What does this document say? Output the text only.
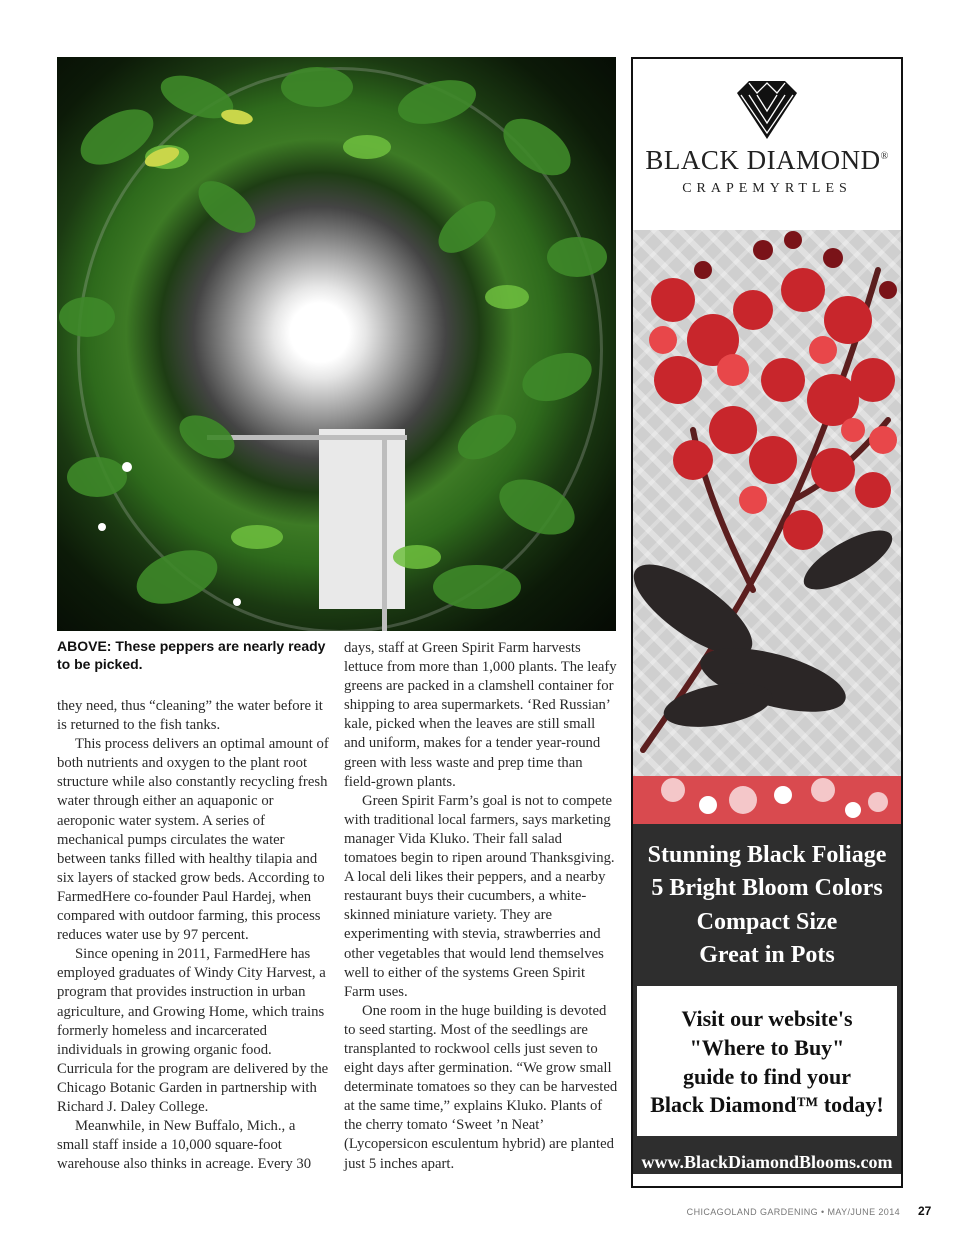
ABOVE: These peppers are nearly ready to be picked.

they need, thus “cleaning” the water before it is returned to the fish tanks.

This process delivers an optimal amount of both nutrients and oxygen to the plant root structure while also constantly recycling fresh water through either an aquaponic or aeroponic water system. A series of mechanical pumps circulates the water between tanks filled with healthy tilapia and six layers of stacked grow beds. According to FarmedHere co-founder Paul Hardej, when compared with outdoor farming, this process reduces water use by 97 percent.

Since opening in 2011, FarmedHere has employed graduates of Windy City Harvest, a program that provides instruction in urban agriculture, and Growing Home, which trains formerly homeless and incarcerated individuals in growing organic food. Curricula for the program are delivered by the Chicago Botanic Garden in partnership with Richard J. Daley College.

Meanwhile, in New Buffalo, Mich., a small staff inside a 10,000 square-foot warehouse also thinks in acreage. Every 30

days, staff at Green Spirit Farm harvests lettuce from more than 1,000 plants. The leafy greens are packed in a clamshell container for shipping to area supermarkets. ‘Red Russian’ kale, picked when the leaves are still small and uniform, makes for a tender year-round green with less waste and prep time than field-grown plants.

Green Spirit Farm’s goal is not to compete with traditional local farmers, says marketing manager Vida Kluko. Their fall salad tomatoes begin to ripen around Thanksgiving. A local deli likes their peppers, and a nearby restaurant buys their cucumbers, a white-skinned miniature variety. They are experimenting with stevia, strawberries and other vegetables that would lend themselves well to either of the systems Green Spirit Farm uses.

One room in the huge building is devoted to seed starting. Most of the seedlings are transplanted to rockwool cells just seven to eight days after germination. “We grow small determinate tomatoes so they can be harvested at the same time,” explains Kluko. Plants of the cherry tomato ‘Sweet ’n Neat’

(Lycopersicon esculentum hybrid) are planted just 5 inches apart.

BLACK DIAMOND®
CRAPEMYRTLES
Stunning Black Foliage
5 Bright Bloom Colors
Compact Size
Great in Pots
Visit our website's
"Where to Buy"
guide to find your
Black Diamond™ today!
www.BlackDiamondBlooms.com
CHICAGOLAND GARDENING • MAY/JUNE 2014 27
